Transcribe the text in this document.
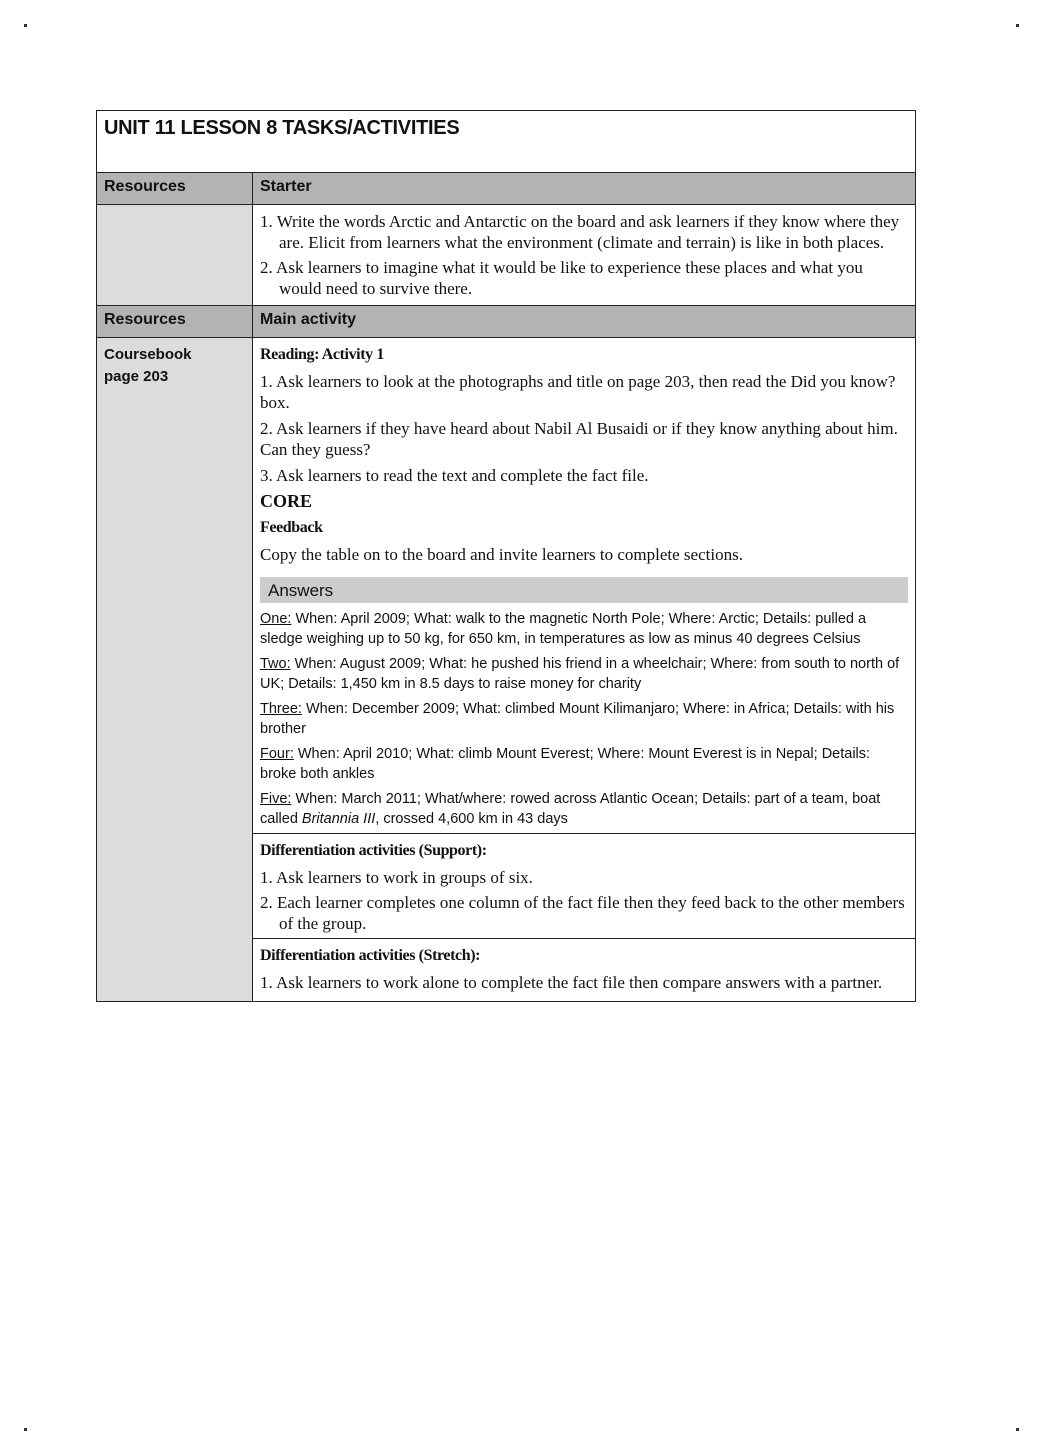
UNIT 11 LESSON 8 TASKS/ACTIVITIES
Resources	Starter
1. Write the words Arctic and Antarctic on the board and ask learners if they know where they are. Elicit from learners what the environment (climate and terrain) is like in both places.
2. Ask learners to imagine what it would be like to experience these places and what you would need to survive there.
Resources	Main activity
Coursebook page 203
Reading: Activity 1
1. Ask learners to look at the photographs and title on page 203, then read the Did you know? box.
2. Ask learners if they have heard about Nabil Al Busaidi or if they know anything about him. Can they guess?
3. Ask learners to read the text and complete the fact file.
CORE
Feedback
Copy the table on to the board and invite learners to complete sections.
Answers
One: When: April 2009; What: walk to the magnetic North Pole; Where: Arctic; Details: pulled a sledge weighing up to 50 kg, for 650 km, in temperatures as low as minus 40 degrees Celsius
Two: When: August 2009; What: he pushed his friend in a wheelchair; Where: from south to north of UK; Details: 1,450 km in 8.5 days to raise money for charity
Three: When: December 2009; What: climbed Mount Kilimanjaro; Where: in Africa; Details: with his brother
Four: When: April 2010; What: climb Mount Everest; Where: Mount Everest is in Nepal; Details: broke both ankles
Five: When: March 2011; What/where: rowed across Atlantic Ocean; Details: part of a team, boat called Britannia III, crossed 4,600 km in 43 days
Differentiation activities (Support):
1. Ask learners to work in groups of six.
2. Each learner completes one column of the fact file then they feed back to the other members of the group.
Differentiation activities (Stretch):
1. Ask learners to work alone to complete the fact file then compare answers with a partner.
